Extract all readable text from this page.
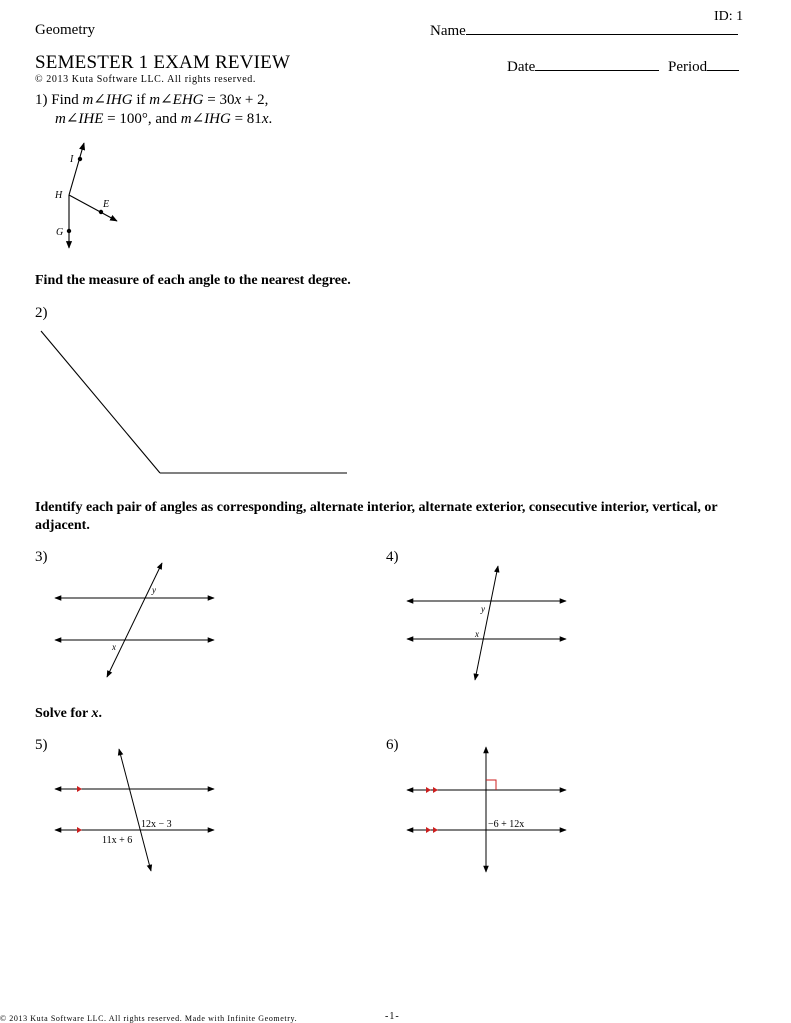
ID: 1
Geometry	Name
SEMESTER 1 EXAM REVIEW
© 2013 Kuta Software LLC. All rights reserved.
Date	Period
1) Find m∠IHG if m∠EHG = 30x + 2,
m∠IHE = 100°, and m∠IHG = 81x.
I
H
E
G
y
x
y
x
12x − 3
11x + 6
−6 + 12x
Find the measure of each angle to the nearest degree.
2)
Identify each pair of angles as corresponding, alternate interior, alternate exterior, consecutive interior, vertical, or adjacent.
3)	4)
Solve for x.
5)	6)
© 2013 Kuta Software LLC. All rights reserved. Made with Infinite Geometry.	-1-
